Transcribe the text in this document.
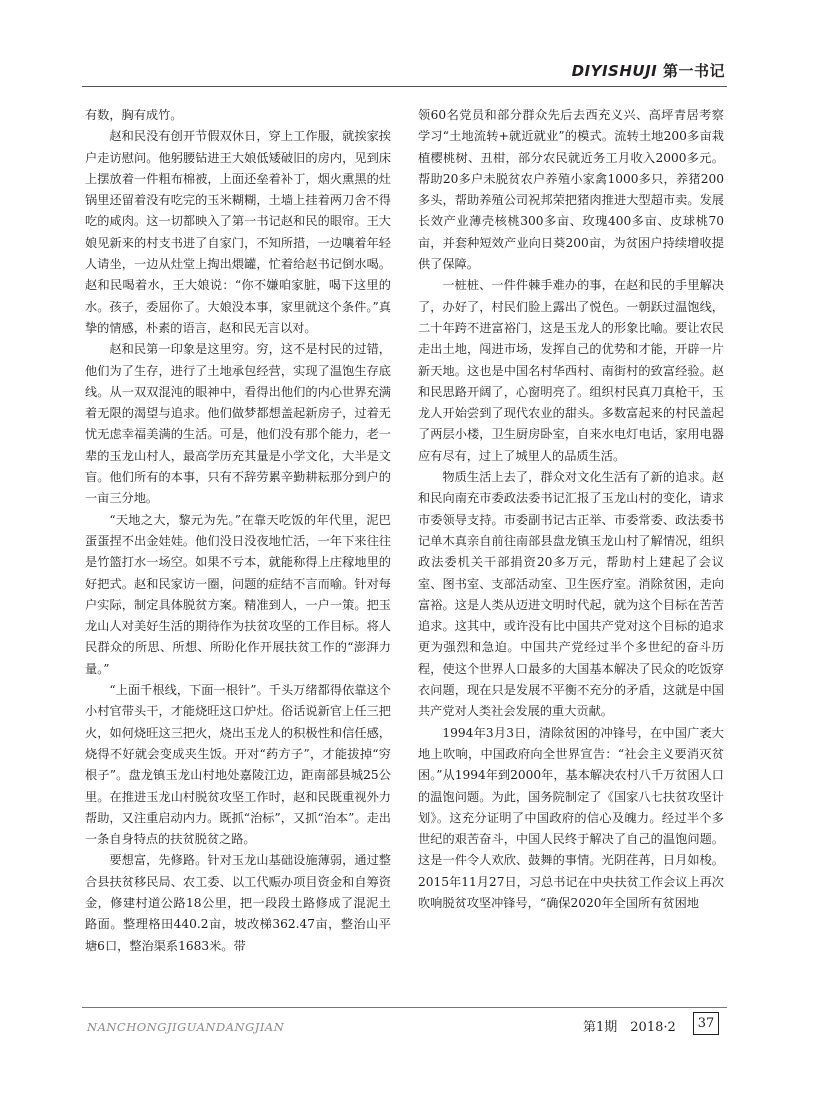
DIYISHUJI 第一书记

有数，胸有成竹。

赵和民没有创开节假双休日，穿上工作服，就挨家挨户走访慰问。他躬腰钻进王大娘低矮破旧的房内，见到床上摆放着一件粗布棉被，上面还垒着补丁，烟火熏黑的灶锅里还留着没有吃完的玉米糊糊，土墙上挂着两刀舍不得吃的咸肉。这一切都映入了第一书记赵和民的眼帘。王大娘见新来的村支书进了自家门，不知所措，一边嚷着年轻人请坐，一边从灶堂上掏出煨罐，忙着给赵书记倒水喝。赵和民喝着水，王大娘说：“你不嫌咱家脏，喝下这里的水。孩子，委屈你了。大娘没本事，家里就这个条件。”真挚的情感，朴素的语言，赵和民无言以对。

赵和民第一印象是这里穷。穷，这不是村民的过错，他们为了生存，进行了土地承包经营，实现了温饱生存底线。从一双双混沌的眼神中，看得出他们的内心世界充满着无限的渴望与追求。他们做梦都想盖起新房子，过着无忧无虑幸福美满的生活。可是，他们没有那个能力，老一辈的玉龙山村人，最高学历充其量是小学文化，大半是文盲。他们所有的本事，只有不辞劳累辛勤耕耘那分到户的一亩三分地。

“天地之大，黎元为先。”在靠天吃饭的年代里，泥巴蛋蛋捏不出金娃娃。他们没日没夜地忙活，一年下来往往是竹篮打水一场空。如果不亏本，就能称得上庄稼地里的好把式。赵和民家访一圈，问题的症结不言而喻。针对每户实际，制定具体脱贫方案。精准到人，一户一策。把玉龙山人对美好生活的期待作为扶贫攻坚的工作目标。将人民群众的所思、所想、所盼化作开展扶贫工作的“澎湃力量。”

“上面千根线，下面一根针”。千头万绪都得依靠这个小村官带头干，才能烧旺这口炉灶。俗话说新官上任三把火，如何烧旺这三把火，烧出玉龙人的积极性和信任感，烧得不好就会变成夹生饭。开对“药方子”，才能拔掉“穷根子”。盘龙镇玉龙山村地处嘉陵江边，距南部县城25公里。在推进玉龙山村脱贫攻坚工作时，赵和民既重视外力帮助，又注重启动内力。既抓“治标”，又抓“治本”。走出一条自身特点的扶贫脱贫之路。

要想富，先修路。针对玉龙山基础设施薄弱，通过整合县扶贫移民局、农工委、以工代赈办项目资金和自筹资金，修建村道公路18公里，把一段段土路修成了混泥土路面。整理格田440.2亩，坡改梯362.47亩，整治山平塘6口，整治渠系1683米。带

领60名党员和部分群众先后去西充义兴、高坪青居考察学习“土地流转+就近就业”的模式。流转土地200多亩栽植樱桃树、丑柑，部分农民就近务工月收入2000多元。帮助20多户未脱贫农户养殖小家禽1000多只，养猪200多头，帮助养殖公司祝邦荣把猪肉推进大型超市卖。发展长效产业薄壳核桃300多亩、玫瑰400多亩、皮球桃70亩，并套种短效产业向日葵200亩，为贫困户持续增收提供了保障。

一桩桩、一件件棘手难办的事，在赵和民的手里解决了，办好了，村民们脸上露出了悦色。一朝跃过温饱线，二十年跨不进富裕门，这是玉龙人的形象比喻。要让农民走出土地，闯进市场，发挥自己的优势和才能，开辟一片新天地。这也是中国名村华西村、南街村的致富经验。赵和民思路开阔了，心窗明亮了。组织村民真刀真枪干，玉龙人开始尝到了现代农业的甜头。多数富起来的村民盖起了两层小楼，卫生厨房卧室，自来水电灯电话，家用电器应有尽有，过上了城里人的品质生活。

物质生活上去了，群众对文化生活有了新的追求。赵和民向南充市委政法委书记汇报了玉龙山村的变化，请求市委领导支持。市委副书记古正举、市委常委、政法委书记单木真亲自前往南部县盘龙镇玉龙山村了解情况，组织政法委机关干部捐资20多万元，帮助村上建起了会议室、图书室、支部活动室、卫生医疗室。消除贫困，走向富裕。这是人类从迈进文明时代起，就为这个目标在苦苦追求。这其中，或许没有比中国共产党对这个目标的追求更为强烈和急迫。中国共产党经过半个多世纪的奋斗历程，使这个世界人口最多的大国基本解决了民众的吃饭穿衣问题，现在只是发展不平衡不充分的矛盾，这就是中国共产党对人类社会发展的重大贡献。

1994年3月3日，清除贫困的冲锋号，在中国广袤大地上吹响，中国政府向全世界宣告：“社会主义要消灭贫困。”从1994年到2000年，基本解决农村八千万贫困人口的温饱问题。为此，国务院制定了《国家八七扶贫攻坚计划》。这充分证明了中国政府的信心及魄力。经过半个多世纪的艰苦奋斗，中国人民终于解决了自己的温饱问题。这是一件令人欢欣、鼓舞的事情。光阴荏苒，日月如梭。2015年11月27日，习总书记在中央扶贫工作会议上再次吹响脱贫攻坚冲锋号，“确保2020年全国所有贫困地

NANCHONGJIGUANDANGJIAN	第1期　2018·2	37
